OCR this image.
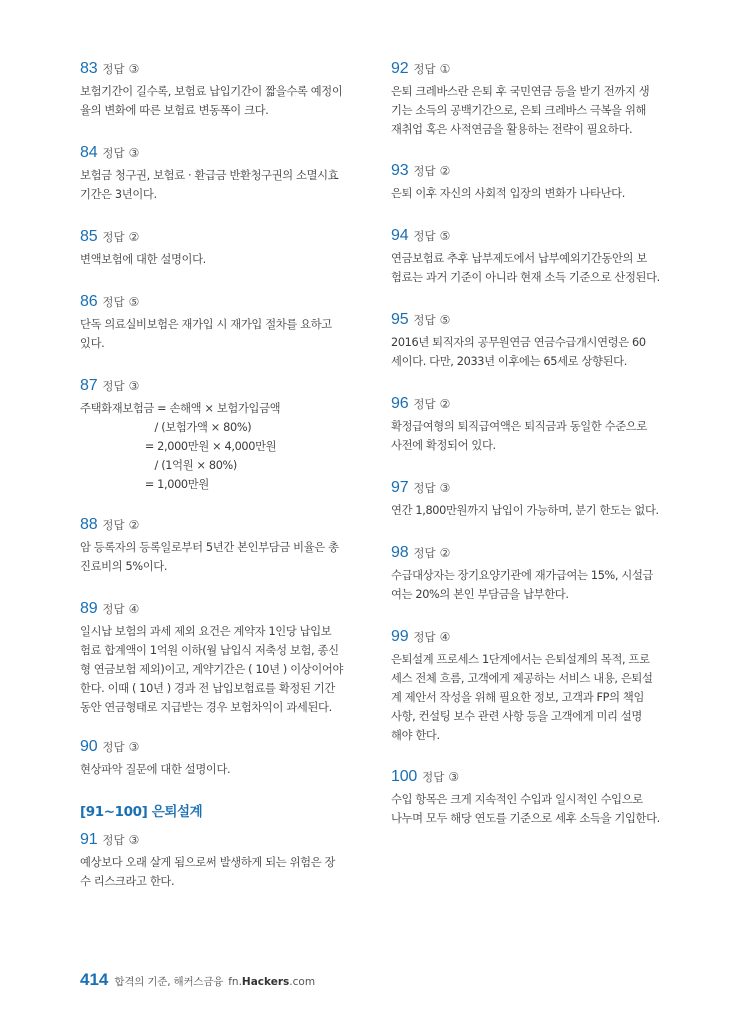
83 정답 ③
보험기간이 길수록, 보험료 납입기간이 짧을수록 예정이
율의 변화에 따른 보험료 변동폭이 크다.
84 정답 ③
보험금 청구권, 보험료 · 환급금 반환청구권의 소멸시효
기간은 3년이다.
85 정답 ②
변액보험에 대한 설명이다.
86 정답 ⑤
단독 의료실비보험은 재가입 시 재가입 절차를 요하고
있다.
87 정답 ③
주택화재보험금 = 손해액 × 보험가입금액
/ (보험가액 × 80%)
= 2,000만원 × 4,000만원
/ (1억원 × 80%)
= 1,000만원
88 정답 ②
암 등록자의 등록일로부터 5년간 본인부담금 비율은 총
진료비의 5%이다.
89 정답 ④
일시납 보험의 과세 제외 요건은 계약자 1인당 납입보
험료 합계액이 1억원 이하(월 납입식 저축성 보험, 종신
형 연금보험 제외)이고, 계약기간은 ( 10년 ) 이상이어야
한다. 이때 ( 10년 ) 경과 전 납입보험료를 확정된 기간
동안 연금형태로 지급받는 경우 보험차익이 과세된다.
90 정답 ③
현상파악 질문에 대한 설명이다.
[91~100] 은퇴설계
91 정답 ③
예상보다 오래 살게 됨으로써 발생하게 되는 위험은 장
수 리스크라고 한다.
92 정답 ①
은퇴 크레바스란 은퇴 후 국민연금 등을 받기 전까지 생
기는 소득의 공백기간으로, 은퇴 크레바스 극복을 위해
재취업 혹은 사적연금을 활용하는 전략이 필요하다.
93 정답 ②
은퇴 이후 자신의 사회적 입장의 변화가 나타난다.
94 정답 ⑤
연금보험료 추후 납부제도에서 납부예외기간동안의 보
험료는 과거 기준이 아니라 현재 소득 기준으로 산정된다.
95 정답 ⑤
2016년 퇴직자의 공무원연금 연금수급개시연령은 60
세이다. 다만, 2033년 이후에는 65세로 상향된다.
96 정답 ②
확정급여형의 퇴직급여액은 퇴직금과 동일한 수준으로
사전에 확정되어 있다.
97 정답 ③
연간 1,800만원까지 납입이 가능하며, 분기 한도는 없다.
98 정답 ②
수급대상자는 장기요양기관에 재가급여는 15%, 시설급
여는 20%의 본인 부담금을 납부한다.
99 정답 ④
은퇴설계 프로세스 1단계에서는 은퇴설계의 목적, 프로
세스 전체 흐름, 고객에게 제공하는 서비스 내용, 은퇴설
계 제안서 작성을 위해 필요한 정보, 고객과 FP의 책임
사항, 컨설팅 보수 관련 사항 등을 고객에게 미리 설명
해야 한다.
100 정답 ③
수입 항목은 크게 지속적인 수입과 일시적인 수입으로
나누며 모두 해당 연도를 기준으로 세후 소득을 기입한다.
414 합격의 기준, 해커스금융 fn. Hackers .com
